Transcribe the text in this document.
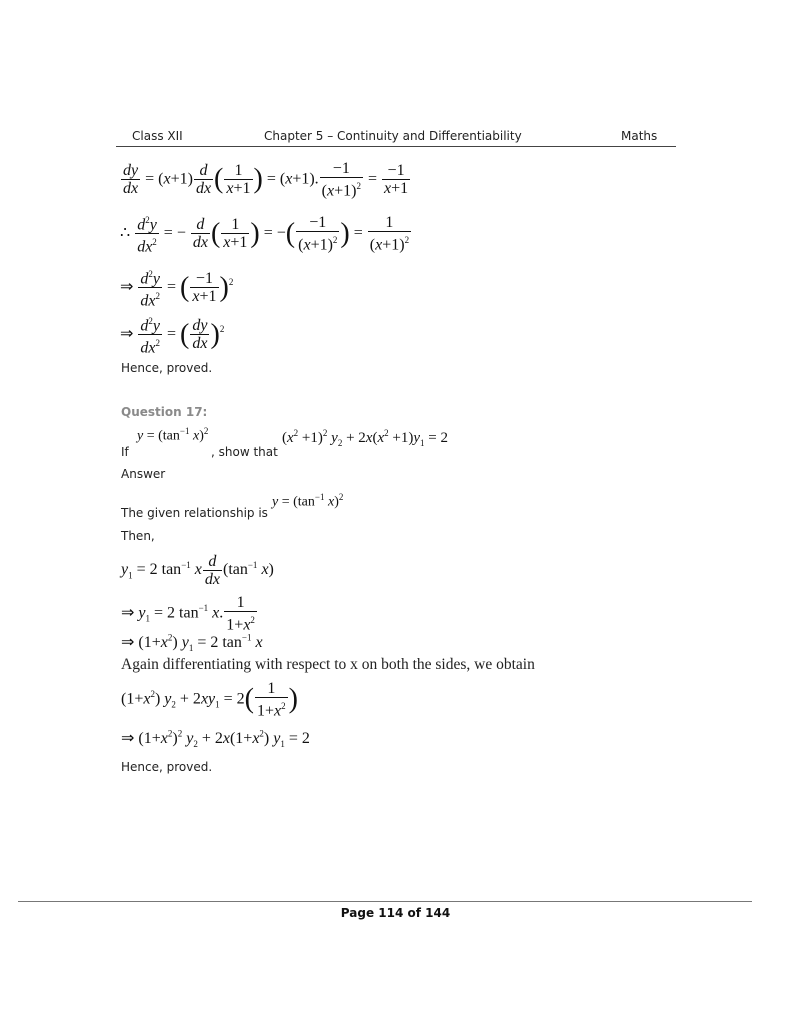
Class XII	Chapter 5 – Continuity and Differentiability	Maths
$\frac{dy}{dx} = (x+1) \frac{d}{dx}$ ( $\frac{1}{x+1}$ ) = (x+1). $\frac{-1}{(x+1)^2} = \frac{-1}{x+1}$
∴ $\frac{d^2y}{dx^2}$ = − $\frac{d}{dx}$ ( $\frac{1}{x+1}$ ) = −( $\frac{-1}{(x+1)^2}$ ) = $\frac{1}{(x+1)^2}$
⇒ $\frac{d^2y}{dx^2}$ = ( $\frac{-1}{x+1} )^2$
⇒ $\frac{d^2y}{dx^2}$ = ( $\frac{dy}{dx} )^2$
Hence, proved.
Question 17:
If
$y = (\tan^{-1}$ x)$^2$
, show that
$(x^2 +1)^2$ $y_2 + 2x(x^2 +1)y_1 = 2$
Answer
The given relationship is
$y = (\tan^{-1}$ x)$^2$
Then,
$y_1 = 2$ $\tan^{-1} x \frac{d}{dx} (\tan^{-1}$ x)
⇒ $y_1 = 2$ $\tan^{-1} x$. $\frac{1}{1+x^2}$
⇒ $(1+x^2) y_1 = 2$ $\tan^{-1} x$
Again differentiating with respect to x on both the sides, we obtain
$(1+x^2) y_2 + 2xy_1 = 2( \frac{1}{1+x^2}$ )
⇒ $(1+x^2)^2$ $y_2 + 2x(1+x^2) y_1 = 2$
Hence, proved.
Page 114 of 144
